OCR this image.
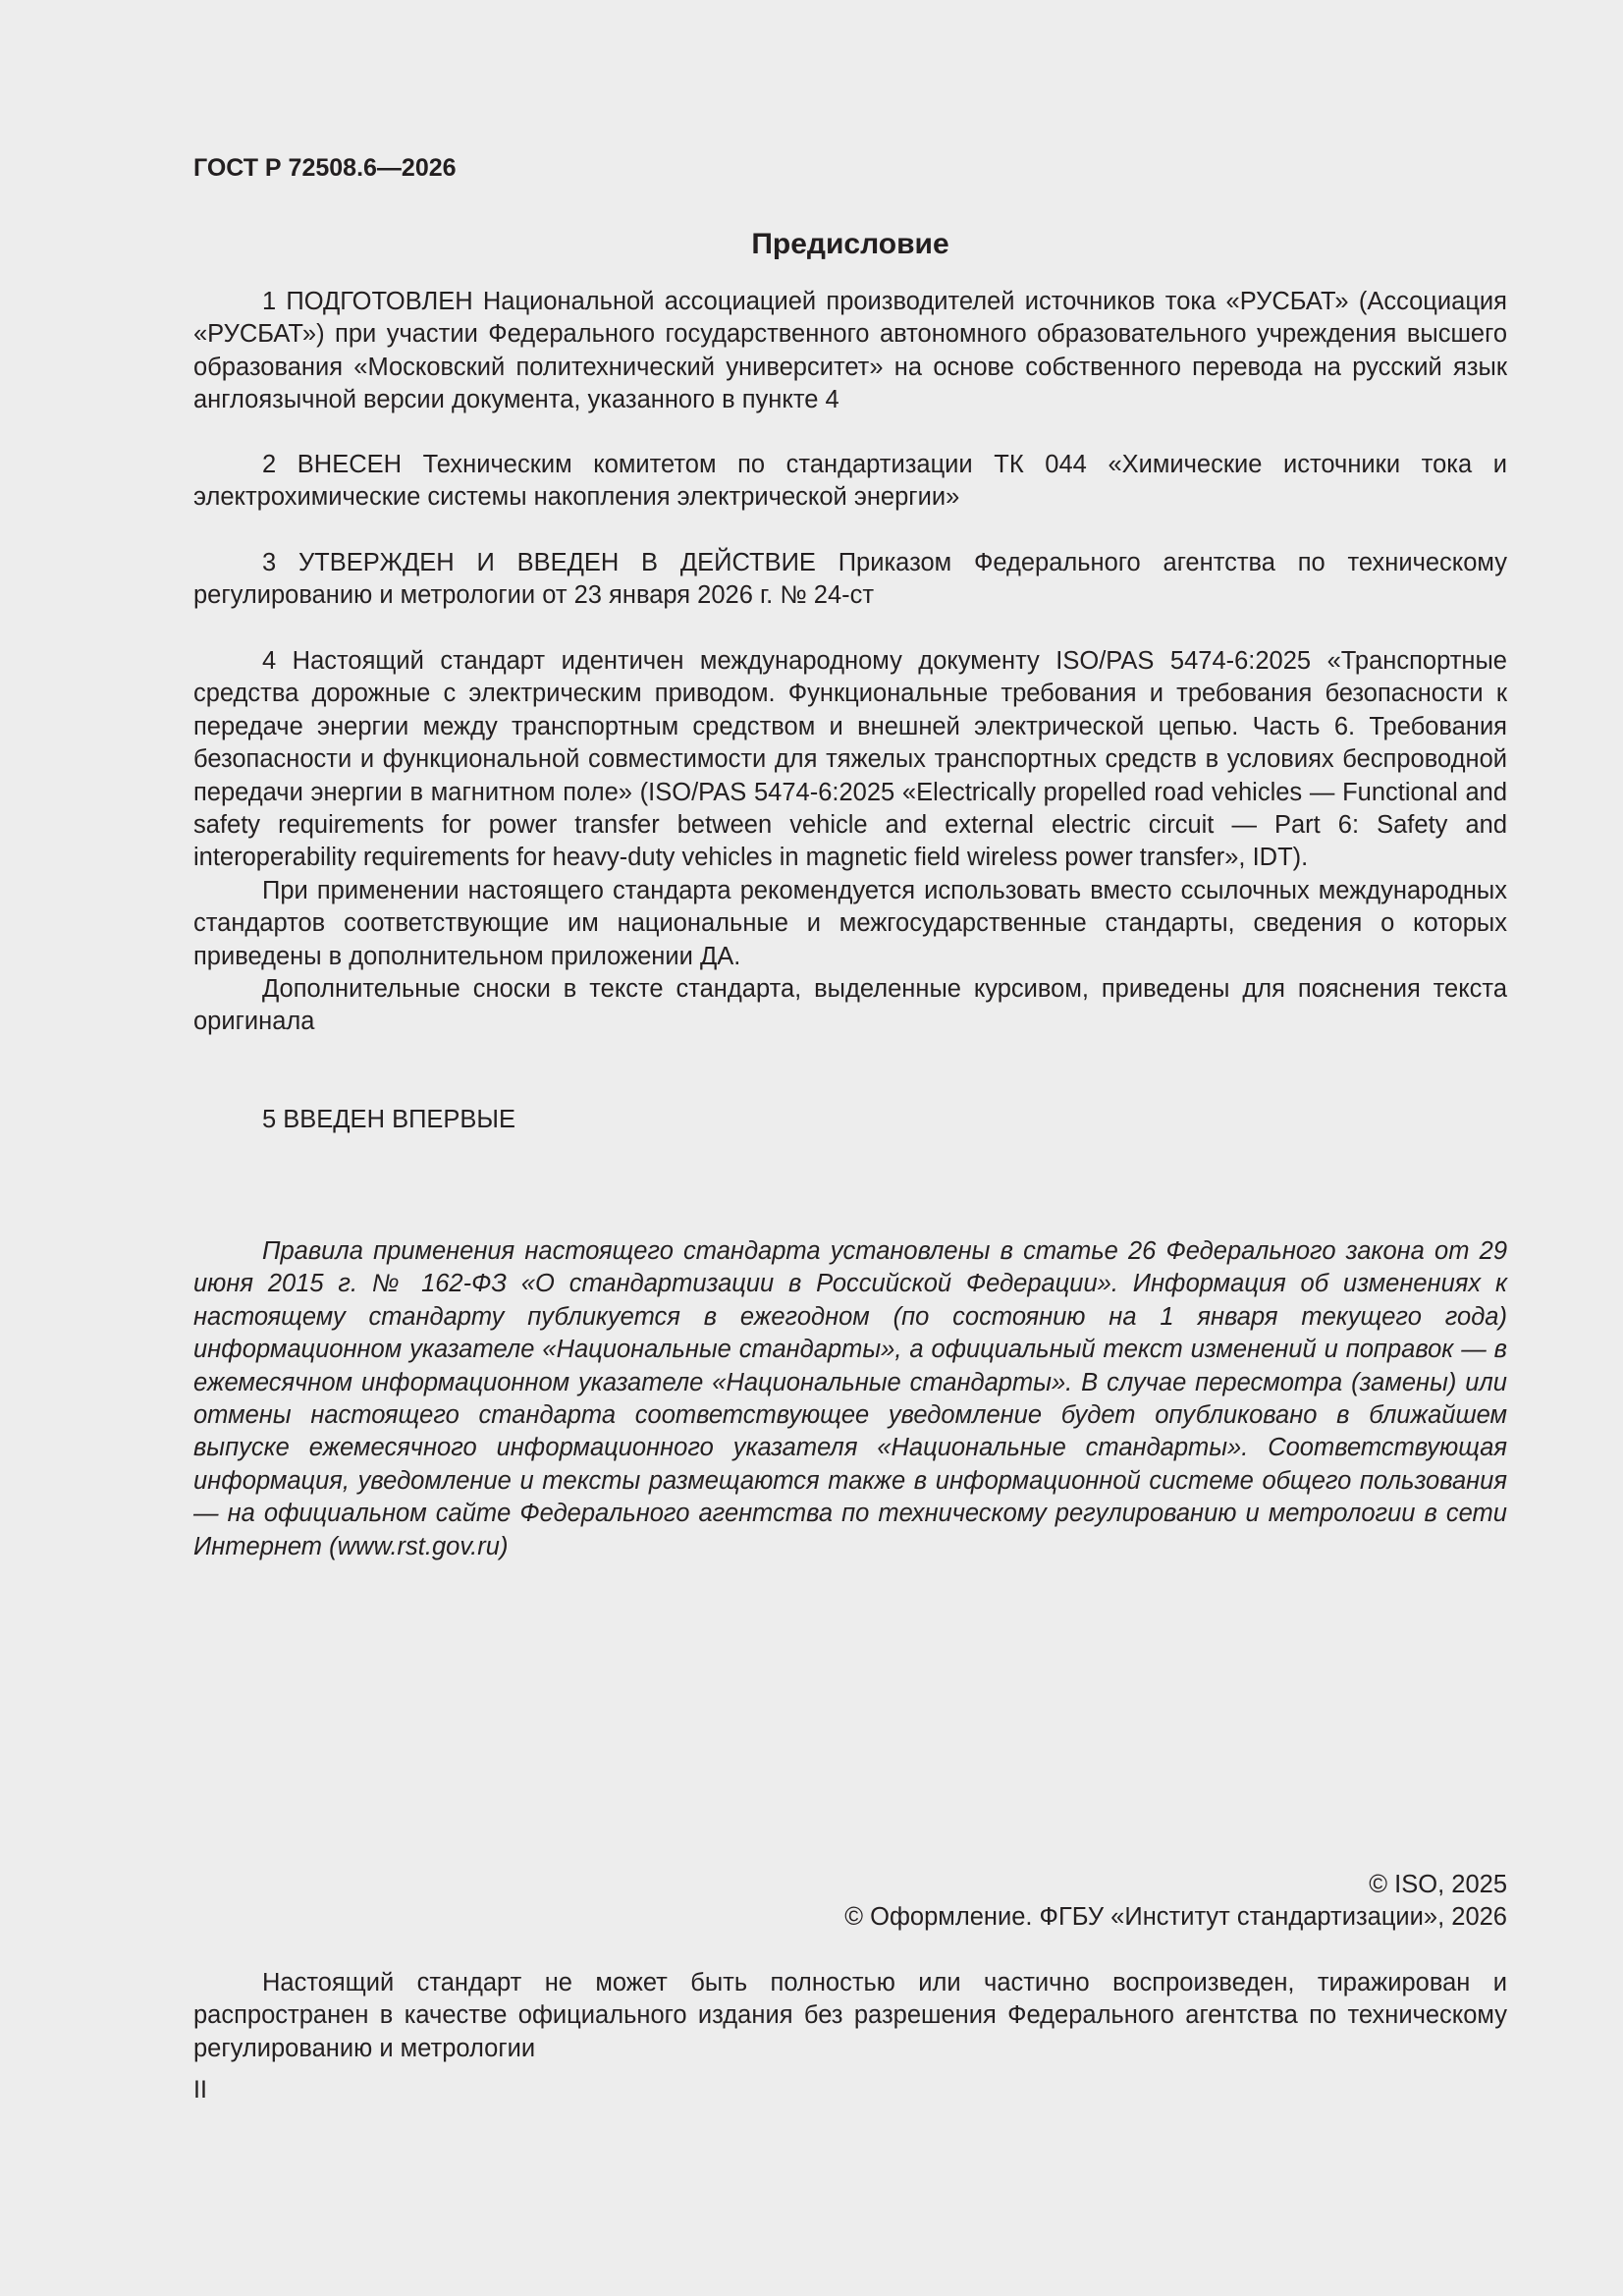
ГОСТ Р 72508.6—2026
Предисловие

1 ПОДГОТОВЛЕН Национальной ассоциацией производителей источников тока «РУСБАТ» (Ассоциация «РУСБАТ») при участии Федерального государственного автономного образовательного учреждения высшего образования «Московский политехнический университет» на основе собственного перевода на русский язык англоязычной версии документа, указанного в пункте 4

2 ВНЕСЕН Техническим комитетом по стандартизации ТК 044 «Химические источники тока и электрохимические системы накопления электрической энергии»

3 УТВЕРЖДЕН И ВВЕДЕН В ДЕЙСТВИЕ Приказом Федерального агентства по техническому регулированию и метрологии от 23 января 2026 г. № 24-ст

4 Настоящий стандарт идентичен международному документу ISO/PAS 5474-6:2025 «Транспортные средства дорожные с электрическим приводом. Функциональные требования и требования безопасности к передаче энергии между транспортным средством и внешней электрической цепью. Часть 6. Требования безопасности и функциональной совместимости для тяжелых транспортных средств в условиях беспроводной передачи энергии в магнитном поле» (ISO/PAS 5474-6:2025 «Electrically propelled road vehicles — Functional and safety requirements for power transfer between vehicle and external electric circuit — Part 6: Safety and interoperability requirements for heavy-duty vehicles in magnetic field wireless power transfer», IDT).

При применении настоящего стандарта рекомендуется использовать вместо ссылочных международных стандартов соответствующие им национальные и межгосударственные стандарты, сведения о которых приведены в дополнительном приложении ДА.

Дополнительные сноски в тексте стандарта, выделенные курсивом, приведены для пояснения текста оригинала

5 ВВЕДЕН ВПЕРВЫЕ

Правила применения настоящего стандарта установлены в статье 26 Федерального закона от 29 июня 2015 г. № 162-ФЗ «О стандартизации в Российской Федерации». Информация об изменениях к настоящему стандарту публикуется в ежегодном (по состоянию на 1 января текущего года) информационном указателе «Национальные стандарты», а официальный текст изменений и поправок — в ежемесячном информационном указателе «Национальные стандарты». В случае пересмотра (замены) или отмены настоящего стандарта соответствующее уведомление будет опубликовано в ближайшем выпуске ежемесячного информационного указателя «Национальные стандарты». Соответствующая информация, уведомление и тексты размещаются также в информационной системе общего пользования — на официальном сайте Федерального агентства по техническому регулированию и метрологии в сети Интернет (www.rst.gov.ru)

© ISO, 2025
© Оформление. ФГБУ «Институт стандартизации», 2026

Настоящий стандарт не может быть полностью или частично воспроизведен, тиражирован и распространен в качестве официального издания без разрешения Федерального агентства по техническому регулированию и метрологии

II
